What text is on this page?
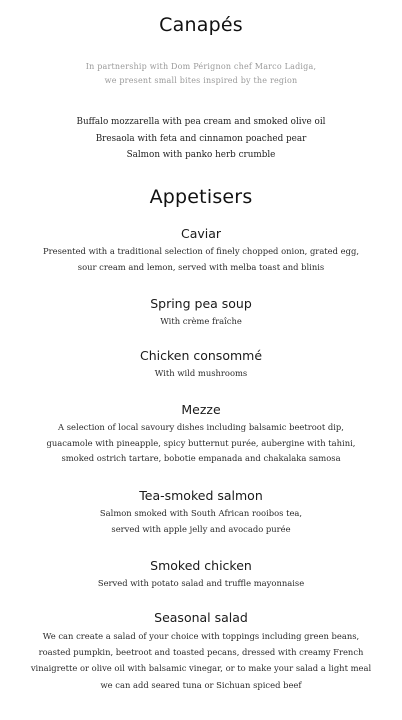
Canapés
In partnership with Dom Pérignon chef Marco Ladiga,
we present small bites inspired by the region
Buffalo mozzarella with pea cream and smoked olive oil
Bresaola with feta and cinnamon poached pear
Salmon with panko herb crumble
Appetisers
Caviar
Presented with a traditional selection of finely chopped onion, grated egg,
sour cream and lemon, served with melba toast and blinis
Spring pea soup
With crème fraîche
Chicken consommé
With wild mushrooms
Mezze
A selection of local savoury dishes including balsamic beetroot dip,
guacamole with pineapple, spicy butternut purée, aubergine with tahini,
smoked ostrich tartare, bobotie empanada and chakalaka samosa
Tea-smoked salmon
Salmon smoked with South African rooibos tea,
served with apple jelly and avocado purée
Smoked chicken
Served with potato salad and truffle mayonnaise
Seasonal salad
We can create a salad of your choice with toppings including green beans,
roasted pumpkin, beetroot and toasted pecans, dressed with creamy French
vinaigrette or olive oil with balsamic vinegar, or to make your salad a light meal
we can add seared tuna or Sichuan spiced beef
